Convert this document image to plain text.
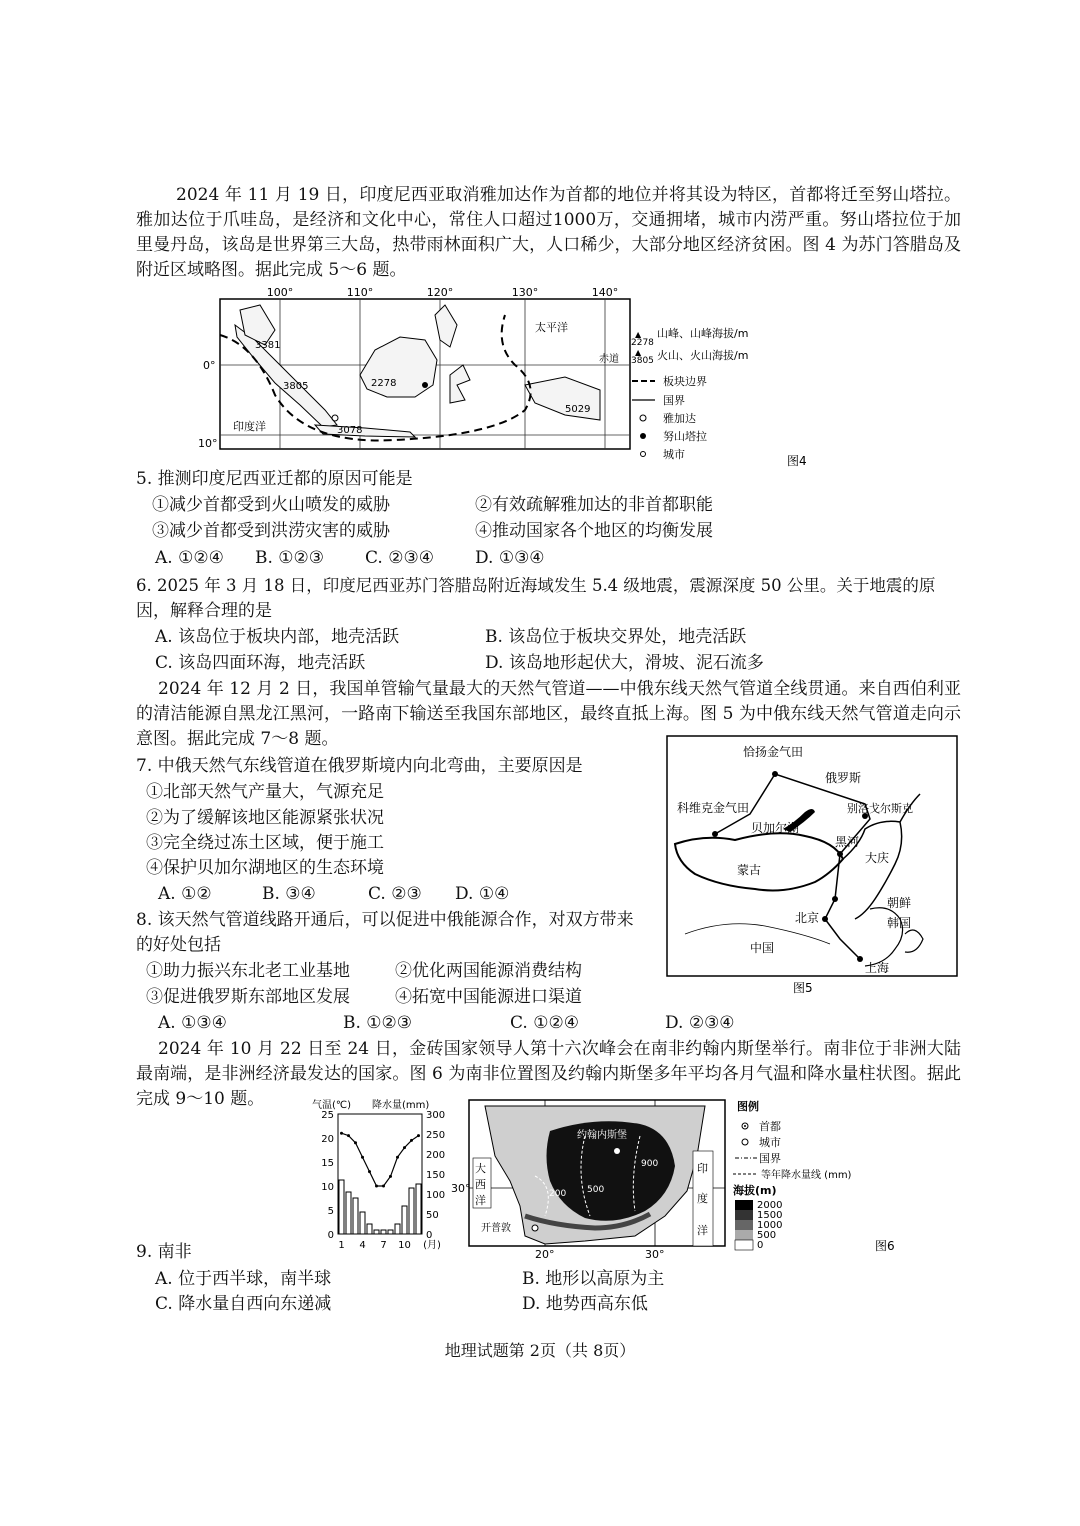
2024 年 11 月 19 日，印度尼西亚取消雅加达作为首都的地位并将其设为特区，首都将迁至努山塔拉。雅加达位于爪哇岛，是经济和文化中心，常住人口超过1000万，交通拥堵，城市内涝严重。努山塔拉位于加里曼丹岛，该岛是世界第三大岛，热带雨林面积广大，人口稀少，大部分地区经济贫困。图 4 为苏门答腊岛及附近区域略图。据此完成 5～6 题。
100°	110°	120°	130°	140°
0°
10°
太平洋
印度洋
赤道
3381
3805	2278
3078
5029
▲
2278
山峰、山峰海拔/m
▲
3805 火山、火山海拔/m
板块边界
国界
雅加达
努山塔拉
城市	图4
5. 推测印度尼西亚迁都的原因可能是
①减少首都受到火山喷发的威胁	②有效疏解雅加达的非首都职能
③减少首都受到洪涝灾害的威胁	④推动国家各个地区的均衡发展
A. ①②④ B. ①②③ C. ②③④ D. ①③④
6. 2025 年 3 月 18 日，印度尼西亚苏门答腊岛附近海域发生 5.4 级地震，震源深度 50 公里。关于地震的原
因，解释合理的是
A. 该岛位于板块内部，地壳活跃	B. 该岛位于板块交界处，地壳活跃
C. 该岛四面环海，地壳活跃	D. 该岛地形起伏大，滑坡、泥石流多
2024 年 12 月 2 日，我国单管输气量最大的天然气管道——中俄东线天然气管道全线贯通。来自西伯利亚的清洁能源自黑龙江黑河，一路南下输送至我国东部地区，最终直抵上海。图 5 为中俄东线天然气管道走向示意图。据此完成 7～8 题。
7. 中俄天然气东线管道在俄罗斯境内向北弯曲，主要原因是
①北部天然气产量大，气源充足
②为了缓解该地区能源紧张状况
③完全绕过冻土区域，便于施工
④保护贝加尔湖地区的生态环境
A. ①②	B. ③④	C. ②③ D. ①④
8. 该天然气管道线路开通后，可以促进中俄能源合作，对双方带来
的好处包括
①助力振兴东北老工业基地	②优化两国能源消费结构
③促进俄罗斯东部地区发展	④拓宽中国能源进口渠道
A. ①③④	B. ①②③	C. ①②④	D. ②③④
恰扬金气田
俄罗斯
科维克金气田	别洛戈尔斯克
贝加尔湖
黑河
大庆
蒙古
朝鲜
韩国
北京
中国
上海
图5
2024 年 10 月 22 日至 24 日，金砖国家领导人第十六次峰会在南非约翰内斯堡举行。南非位于非洲大陆最南端，是非洲经济最发达的国家。图 6 为南非位置图及约翰内斯堡多年平均各月气温和降水量柱状图。据此完成 9～10 题。	气温(℃) 降水量(mm)
25
20
15
10
5
0
300
250
200
150
100
50
0
1 4 7 10 (月)
约翰内斯堡
开普敦
大
西
洋
印
度
洋
30°
20°	30°
200 500
900
图例
首都
城市
国界
等年降水量线 (mm)
海拔(m)
2000
1500
1000
500
0	图6
9. 南非
A. 位于西半球，南半球	B. 地形以高原为主
C. 降水量自西向东递减	D. 地势西高东低
地理试题第 2页（共 8页）
